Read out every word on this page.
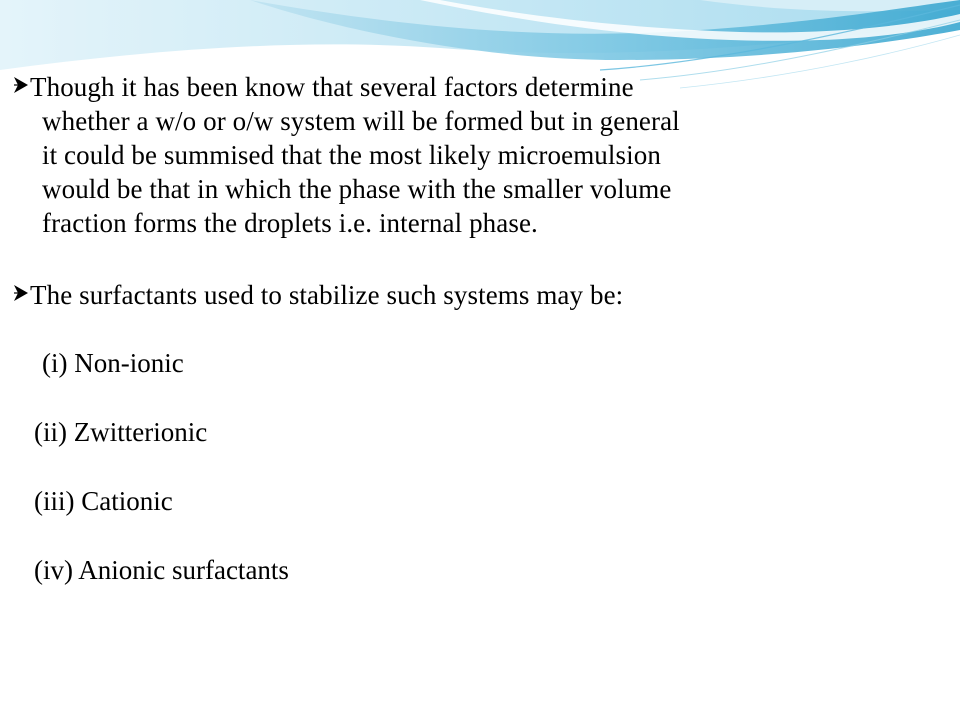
Though it has been know that several factors determine
whether a w/o or o/w system will be formed but in general
it could be summised that the most likely microemulsion
would be that in which the phase with the smaller volume
fraction forms the droplets i.e. internal phase.
The surfactants used to stabilize such systems may be:
(i) Non-ionic
(ii) Zwitterionic
(iii) Cationic
(iv) Anionic surfactants
